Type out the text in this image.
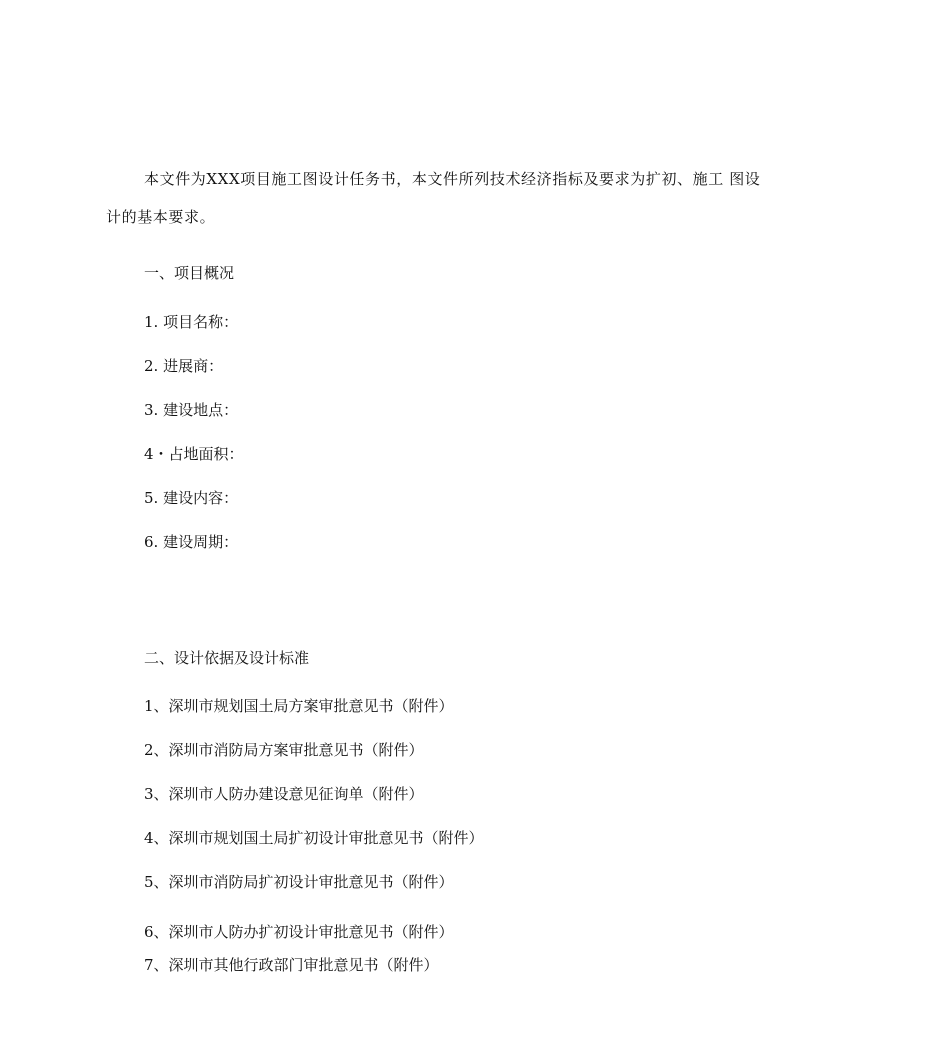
本文件为XXX项目施工图设计任务书，本文件所列技术经济指标及要求为扩初、施工 图设
计的基本要求。
一、项目概况
1. 项目名称：
2. 进展商：
3. 建设地点：
4・占地面积：
5. 建设内容：
6. 建设周期：
二、设计依据及设计标准
1、深圳市规划国土局方案审批意见书（附件）
2、深圳市消防局方案审批意见书（附件）
3、深圳市人防办建设意见征询单（附件）
4、深圳市规划国土局扩初设计审批意见书（附件）
5、深圳市消防局扩初设计审批意见书（附件）
6、深圳市人防办扩初设计审批意见书（附件）
7、深圳市其他行政部门审批意见书（附件）
